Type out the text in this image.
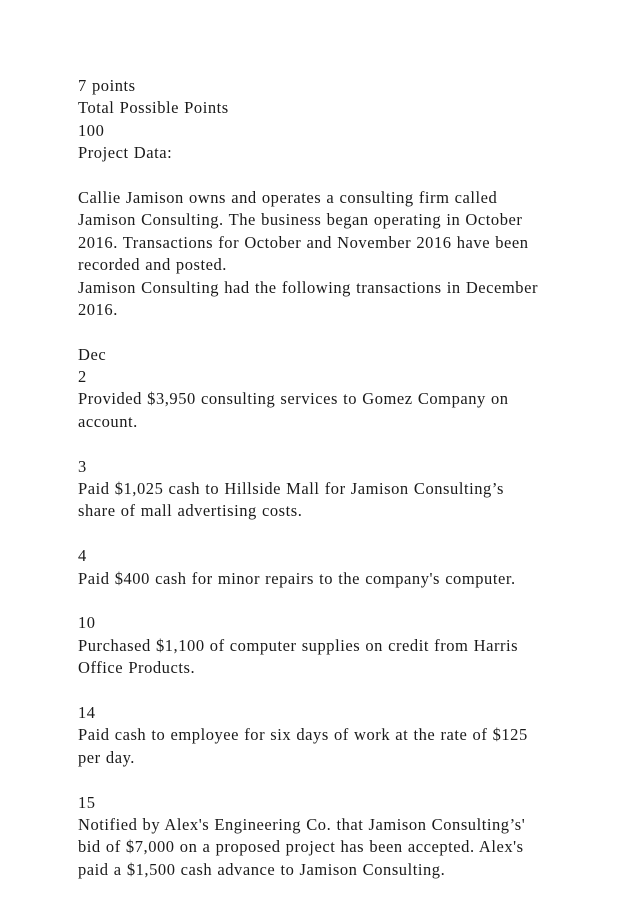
7 points
Total Possible Points
100
Project Data:
Callie Jamison owns and operates a consulting firm called
Jamison Consulting. The business began operating in October
2016. Transactions for October and November 2016 have been
recorded and posted.
Jamison Consulting had the following transactions in December
2016.
Dec
2
Provided $3,950 consulting services to Gomez Company on
account.
3
Paid $1,025 cash to Hillside Mall for Jamison Consulting’s
share of mall advertising costs.
4
Paid $400 cash for minor repairs to the company's computer.
10
Purchased $1,100 of computer supplies on credit from Harris
Office Products.
14
Paid cash to employee for six days of work at the rate of $125
per day.
15
Notified by Alex's Engineering Co. that Jamison Consulting’s'
bid of $7,000 on a proposed project has been accepted. Alex's
paid a $1,500 cash advance to Jamison Consulting.
